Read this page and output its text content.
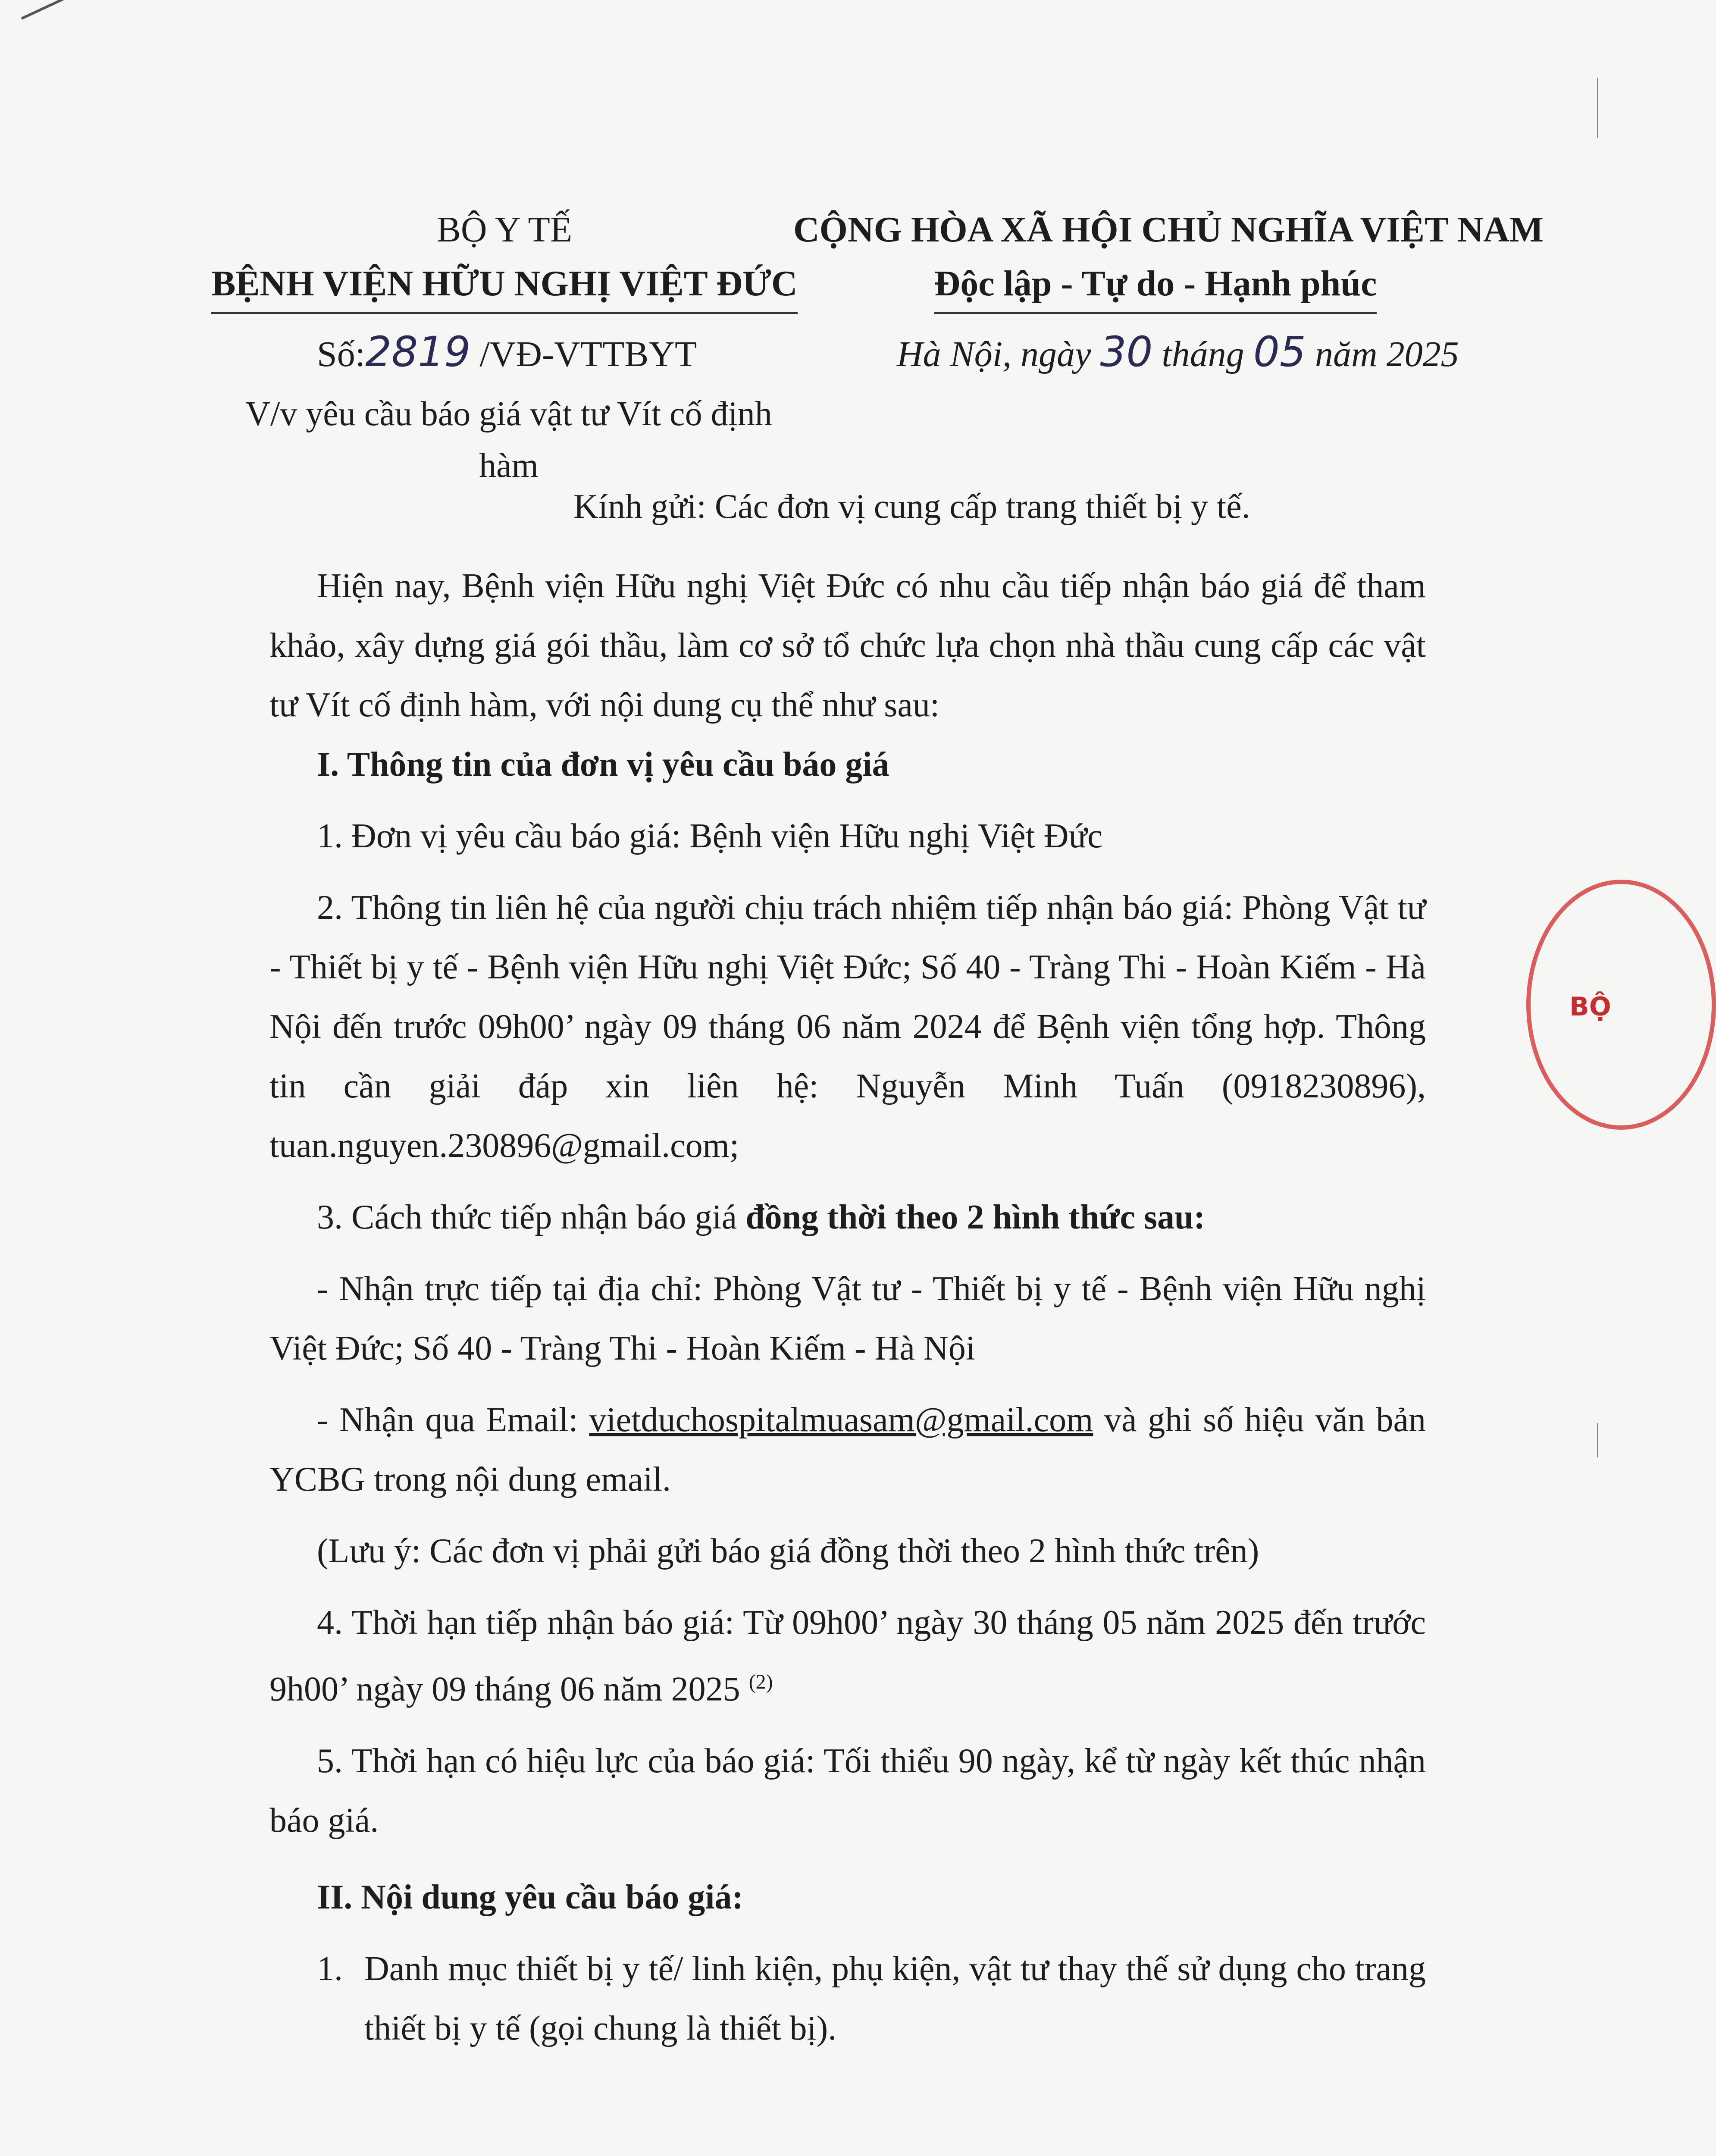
BỘ Y TẾ
BỆNH VIỆN HỮU NGHỊ VIỆT ĐỨC
CỘNG HÒA XÃ HỘI CHỦ NGHĨA VIỆT NAM
Độc lập - Tự do - Hạnh phúc
Số:2819 /VĐ-VTTBYT	Hà Nội, ngày 30 tháng 05 năm 2025
V/v yêu cầu báo giá vật tư Vít cố định hàm
Kính gửi: Các đơn vị cung cấp trang thiết bị y tế.

Hiện nay, Bệnh viện Hữu nghị Việt Đức có nhu cầu tiếp nhận báo giá để tham khảo, xây dựng giá gói thầu, làm cơ sở tổ chức lựa chọn nhà thầu cung cấp các vật tư Vít cố định hàm, với nội dung cụ thể như sau:

I. Thông tin của đơn vị yêu cầu báo giá

1. Đơn vị yêu cầu báo giá: Bệnh viện Hữu nghị Việt Đức

2. Thông tin liên hệ của người chịu trách nhiệm tiếp nhận báo giá: Phòng Vật tư - Thiết bị y tế - Bệnh viện Hữu nghị Việt Đức; Số 40 - Tràng Thi - Hoàn Kiếm - Hà Nội đến trước 09h00’ ngày 09 tháng 06 năm 2024 để Bệnh viện tổng hợp. Thông tin cần giải đáp xin liên hệ: Nguyễn Minh Tuấn (0918230896), tuan.nguyen.230896@gmail.com;

3. Cách thức tiếp nhận báo giá đồng thời theo 2 hình thức sau:

- Nhận trực tiếp tại địa chỉ: Phòng Vật tư - Thiết bị y tế - Bệnh viện Hữu nghị Việt Đức; Số 40 - Tràng Thi - Hoàn Kiếm - Hà Nội

- Nhận qua Email: vietduchospitalmuasam@gmail.com và ghi số hiệu văn bản YCBG trong nội dung email.

(Lưu ý: Các đơn vị phải gửi báo giá đồng thời theo 2 hình thức trên)

4. Thời hạn tiếp nhận báo giá: Từ 09h00’ ngày 30 tháng 05 năm 2025 đến trước 9h00’ ngày 09 tháng 06 năm 2025 $^{(2)}$

5. Thời hạn có hiệu lực của báo giá: Tối thiểu 90 ngày, kể từ ngày kết thúc nhận báo giá.

II. Nội dung yêu cầu báo giá:

1. Danh mục thiết bị y tế/ linh kiện, phụ kiện, vật tư thay thế sử dụng cho trang thiết bị y tế (gọi chung là thiết bị).
BỘ
